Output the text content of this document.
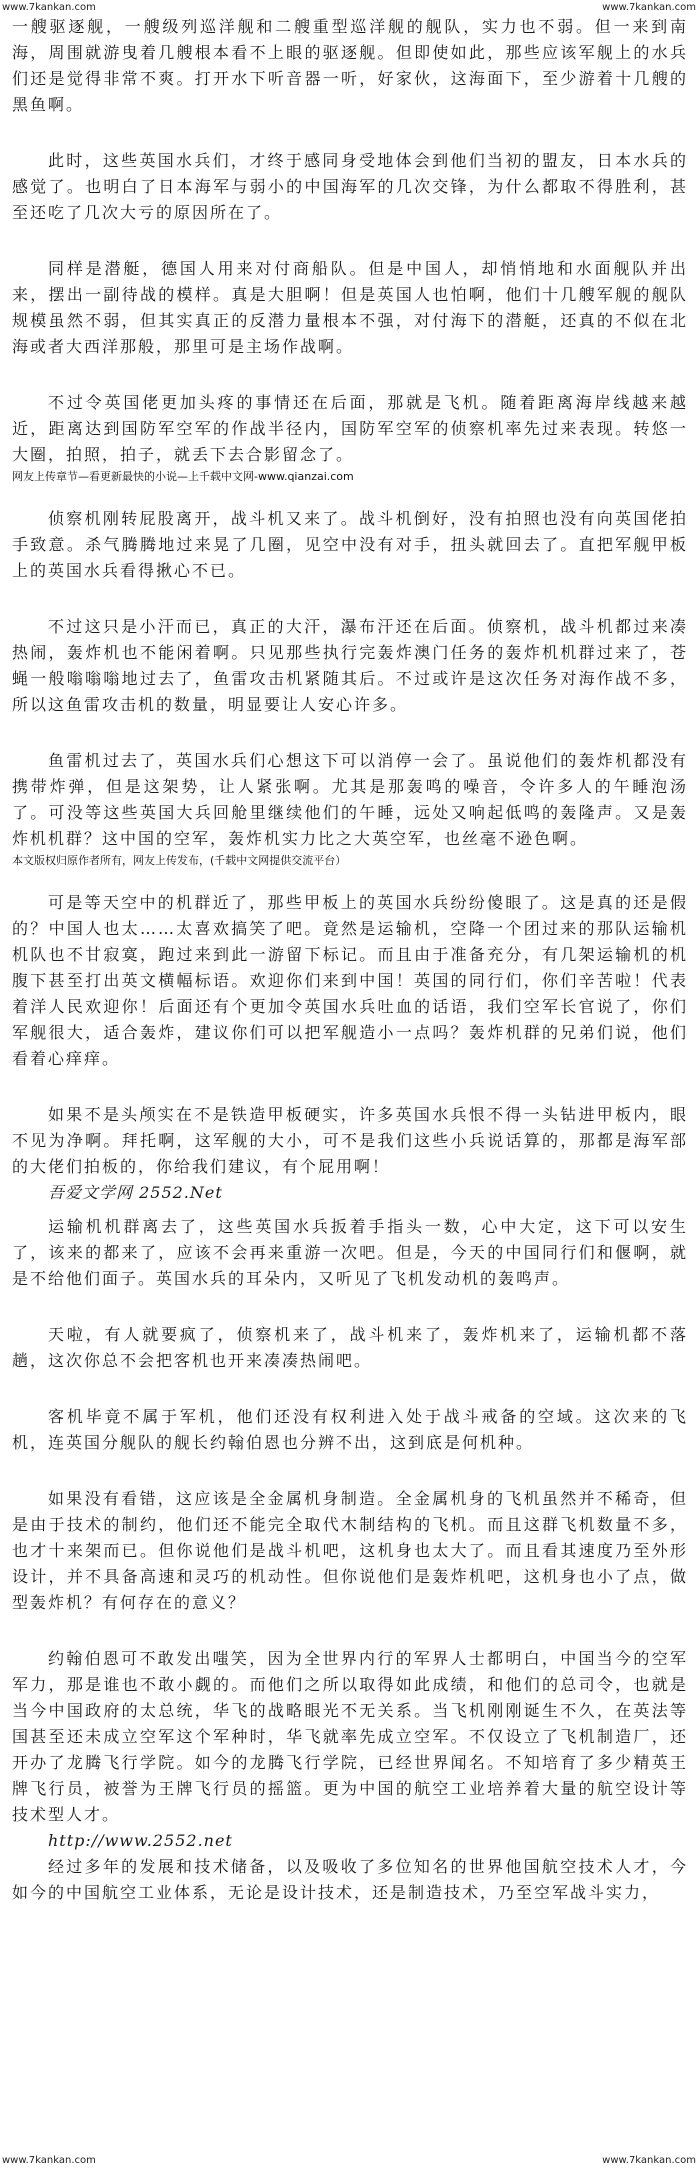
www.7kankan.com	www.7kankan.com

一艘驱逐舰，一艘级列巡洋舰和二艘重型巡洋舰的舰队，实力也不弱。但一来到南海，周围就游曳着几艘根本看不上眼的驱逐舰。但即使如此，那些应该军舰上的水兵们还是觉得非常不爽。打开水下听音器一听，好家伙，这海面下，至少游着十几艘的黑鱼啊。

此时，这些英国水兵们，才终于感同身受地体会到他们当初的盟友，日本水兵的感觉了。也明白了日本海军与弱小的中国海军的几次交锋，为什么都取不得胜利，甚至还吃了几次大亏的原因所在了。

同样是潜艇，德国人用来对付商船队。但是中国人，却悄悄地和水面舰队并出来，摆出一副待战的模样。真是大胆啊！但是英国人也怕啊，他们十几艘军舰的舰队规模虽然不弱，但其实真正的反潜力量根本不强，对付海下的潜艇，还真的不似在北海或者大西洋那般，那里可是主场作战啊。

不过令英国佬更加头疼的事情还在后面，那就是飞机。随着距离海岸线越来越近，距离达到国防军空军的作战半径内，国防军空军的侦察机率先过来表现。转悠一大圈，拍照，拍子，就丢下去合影留念了。

网友上传章节—看更新最快的小说—上千载中文网-www.qianzai.com

侦察机刚转屁股离开，战斗机又来了。战斗机倒好，没有拍照也没有向英国佬拍手致意。杀气腾腾地过来晃了几圈，见空中没有对手，扭头就回去了。直把军舰甲板上的英国水兵看得揪心不已。

不过这只是小汗而已，真正的大汗，瀑布汗还在后面。侦察机，战斗机都过来凑热闹，轰炸机也不能闲着啊。只见那些执行完轰炸澳门任务的轰炸机机群过来了，苍蝇一般嗡嗡嗡地过去了，鱼雷攻击机紧随其后。不过或许是这次任务对海作战不多，所以这鱼雷攻击机的数量，明显要让人安心许多。

鱼雷机过去了，英国水兵们心想这下可以消停一会了。虽说他们的轰炸机都没有携带炸弹，但是这架势，让人紧张啊。尤其是那轰鸣的噪音，令许多人的午睡泡汤了。可没等这些英国大兵回舱里继续他们的午睡，远处又响起低鸣的轰隆声。又是轰炸机机群？这中国的空军，轰炸机实力比之大英空军，也丝毫不逊色啊。

本文版权归原作者所有，网友上传发布，(千载中文网提供交流平台）

可是等天空中的机群近了，那些甲板上的英国水兵纷纷傻眼了。这是真的还是假的？中国人也太……太喜欢搞笑了吧。竟然是运输机，空降一个团过来的那队运输机机队也不甘寂寞，跑过来到此一游留下标记。而且由于准备充分，有几架运输机的机腹下甚至打出英文横幅标语。欢迎你们来到中国！英国的同行们，你们辛苦啦！代表着洋人民欢迎你！后面还有个更加令英国水兵吐血的话语，我们空军长官说了，你们军舰很大，适合轰炸，建议你们可以把军舰造小一点吗？轰炸机群的兄弟们说，他们看着心痒痒。

如果不是头颅实在不是铁造甲板硬实，许多英国水兵恨不得一头钻进甲板内，眼不见为净啊。拜托啊，这军舰的大小，可不是我们这些小兵说话算的，那都是海军部的大佬们拍板的，你给我们建议，有个屁用啊！

吾爱文学网 2552.Net

运输机机群离去了，这些英国水兵扳着手指头一数，心中大定，这下可以安生了，该来的都来了，应该不会再来重游一次吧。但是，今天的中国同行们和偃啊，就是不给他们面子。英国水兵的耳朵内，又听见了飞机发动机的轰鸣声。

天啦，有人就要疯了，侦察机来了，战斗机来了，轰炸机来了，运输机都不落趟，这次你总不会把客机也开来凑凑热闹吧。

客机毕竟不属于军机，他们还没有权利进入处于战斗戒备的空域。这次来的飞机，连英国分舰队的舰长约翰伯恩也分辨不出，这到底是何机种。

如果没有看错，这应该是全金属机身制造。全金属机身的飞机虽然并不稀奇，但是由于技术的制约，他们还不能完全取代木制结构的飞机。而且这群飞机数量不多，也才十来架而已。但你说他们是战斗机吧，这机身也太大了。而且看其速度乃至外形设计，并不具备高速和灵巧的机动性。但你说他们是轰炸机吧，这机身也小了点，做型轰炸机？有何存在的意义？

约翰伯恩可不敢发出嗤笑，因为全世界内行的军界人士都明白，中国当今的空军军力，那是谁也不敢小觑的。而他们之所以取得如此成绩，和他们的总司令，也就是当今中国政府的太总统，华飞的战略眼光不无关系。当飞机刚刚诞生不久，在英法等国甚至还未成立空军这个军种时，华飞就率先成立空军。不仅设立了飞机制造厂，还开办了龙腾飞行学院。如今的龙腾飞行学院，已经世界闻名。不知培育了多少精英王牌飞行员，被誉为王牌飞行员的摇篮。更为中国的航空工业培养着大量的航空设计等技术型人才。

http://www.2552.net

经过多年的发展和技术储备，以及吸收了多位知名的世界他国航空技术人才，今如今的中国航空工业体系，无论是设计技术，还是制造技术，乃至空军战斗实力，

www.7kankan.com	www.7kankan.com
